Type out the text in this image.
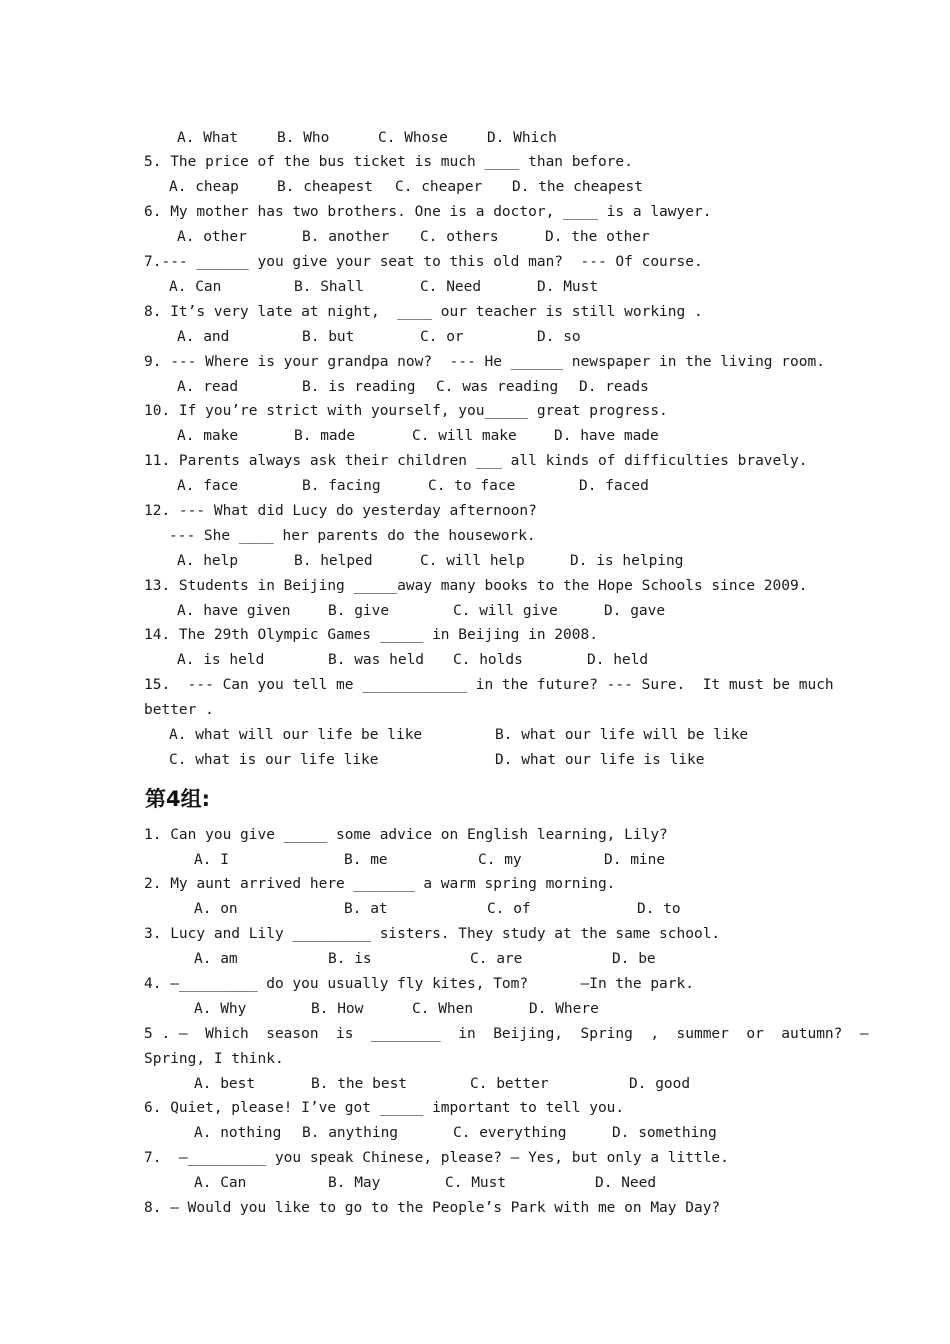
A. What	B. Who	C. Whose	D. Which

5. The price of the bus ticket is much ____ than before.

A. cheap	B. cheapest C. cheaper D. the cheapest

6. My mother has two brothers. One is a doctor, ____ is a lawyer.

A. other	B. another C. others	D. the other

7.--- ______ you give your seat to this old man?  --- Of course.

A. Can	B. Shall	C. Need	D. Must

8. It’s very late at night,  ____ our teacher is still working .

A. and	B. but	C. or	D. so

9. --- Where is your grandpa now?  --- He ______ newspaper in the living room.

A. read	B. is reading C. was reading D. reads

10. If you’re strict with yourself, you_____ great progress.

A. make	B. made	C. will make	D. have made

11. Parents always ask their children ___ all kinds of difficulties bravely.

A. face	B. facing	C. to face	D. faced

12. --- What did Lucy do yesterday afternoon?

--- She ____ her parents do the housework.

A. help	B. helped	C. will help	D. is helping

13. Students in Beijing _____away many books to the Hope Schools since 2009.

A. have given	B. give	C. will give	D. gave

14. The 29th Olympic Games _____ in Beijing in 2008.

A. is held	B. was held C. holds	D. held

15.  --- Can you tell me ____________ in the future? --- Sure.  It must be much

better .

A. what will our life be like	B. what our life will be like
C. what is our life like	D. what our life is like
第4组:

1. Can you give _____ some advice on English learning, Lily?

A. I	B. me	C. my	D. mine

2. My aunt arrived here _______ a warm spring morning.

A. on	B. at	C. of	D. to

3. Lucy and Lily _________ sisters. They study at the same school.

A. am	B. is	C. are	D. be

4. —_________ do you usually fly kites, Tom?      —In the park.

A. Why	B. How	C. When	D. Where

5 . —  Which  season  is  ________  in  Beijing,  Spring  ,  summer  or  autumn?  —

Spring, I think.

A. best	B. the best	C. better	D. good

6. Quiet, please! I’ve got _____ important to tell you.

A. nothing B. anything	C. everything	D. something

7.  —_________ you speak Chinese, please? — Yes, but only a little.

A. Can	B. May	C. Must	D. Need

8. — Would you like to go to the People’s Park with me on May Day?
